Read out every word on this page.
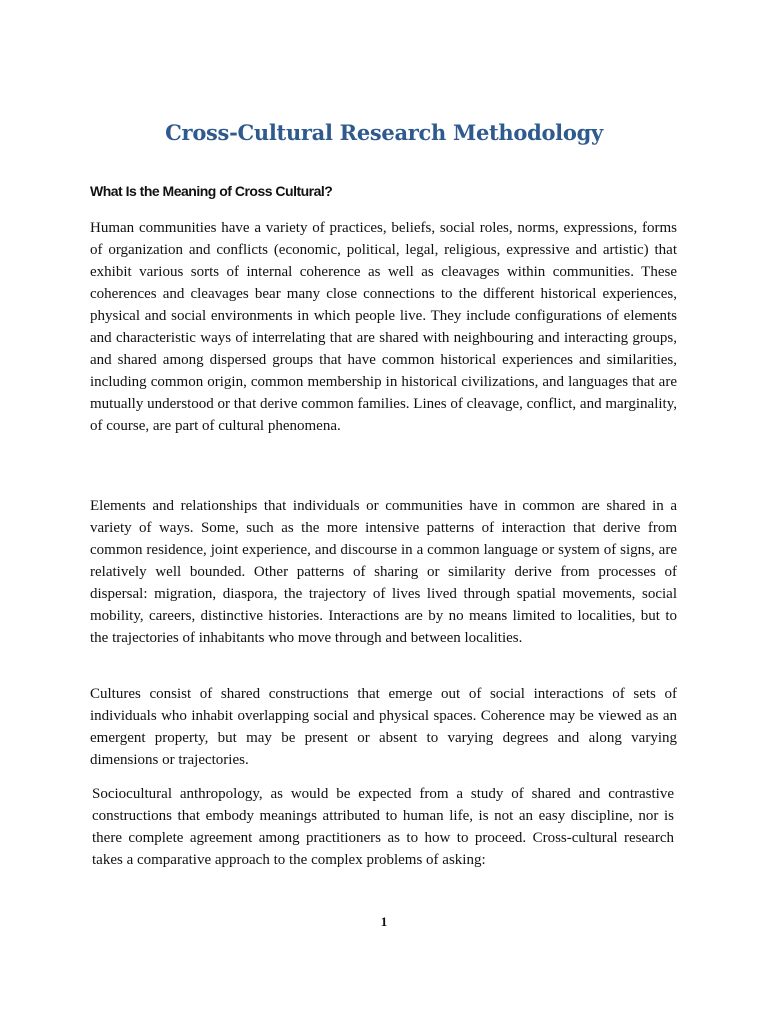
Cross-Cultural Research Methodology
What Is the Meaning of Cross Cultural?

Human communities have a variety of practices, beliefs, social roles, norms, expressions, forms of organization and conflicts (economic, political, legal, religious, expressive and artistic) that exhibit various sorts of internal coherence as well as cleavages within communities. These coherences and cleavages bear many close connections to the different historical experiences, physical and social environments in which people live. They include configurations of elements and characteristic ways of interrelating that are shared with neighbouring and interacting groups, and shared among dispersed groups that have common historical experiences and similarities, including common origin, common membership in historical civilizations, and languages that are mutually understood or that derive common families. Lines of cleavage, conflict, and marginality, of course, are part of cultural phenomena.

Elements and relationships that individuals or communities have in common are shared in a variety of ways. Some, such as the more intensive patterns of interaction that derive from common residence, joint experience, and discourse in a common language or system of signs, are relatively well bounded. Other patterns of sharing or similarity derive from processes of dispersal: migration, diaspora, the trajectory of lives lived through spatial movements, social mobility, careers, distinctive histories. Interactions are by no means limited to localities, but to the trajectories of inhabitants who move through and between localities.

Cultures consist of shared constructions that emerge out of social interactions of sets of individuals who inhabit overlapping social and physical spaces. Coherence may be viewed as an emergent property, but may be present or absent to varying degrees and along varying dimensions or trajectories.

Sociocultural anthropology, as would be expected from a study of shared and contrastive constructions that embody meanings attributed to human life, is not an easy discipline, nor is there complete agreement among practitioners as to how to proceed. Cross-cultural research takes a comparative approach to the complex problems of asking:

1
